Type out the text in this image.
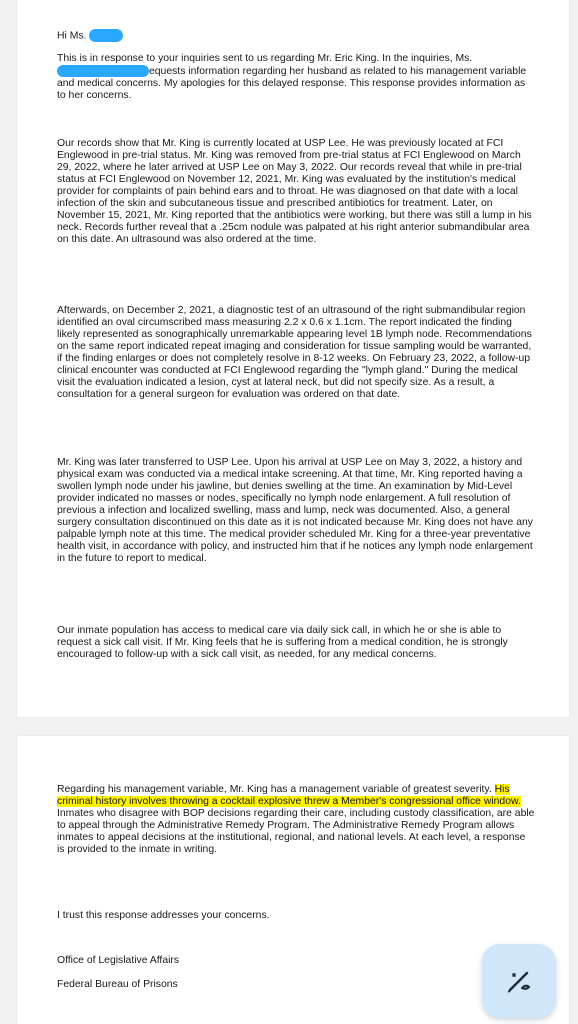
Hi Ms.

This is in response to your inquiries sent to us regarding Mr. Eric King. In the inquiries, Ms.
equests information regarding her husband as related to his management variable and medical concerns. My apologies for this delayed response. This response provides information as to her concerns.

Our records show that Mr. King is currently located at USP Lee. He was previously located at FCI Englewood in pre-trial status. Mr. King was removed from pre-trial status at FCI Englewood on March 29, 2022, where he later arrived at USP Lee on May 3, 2022. Our records reveal that while in pre-trial status at FCI Englewood on November 12, 2021, Mr. King was evaluated by the institution's medical provider for complaints of pain behind ears and to throat. He was diagnosed on that date with a local infection of the skin and subcutaneous tissue and prescribed antibiotics for treatment. Later, on November 15, 2021, Mr. King reported that the antibiotics were working, but there was still a lump in his neck. Records further reveal that a .25cm nodule was palpated at his right anterior submandibular area on this date. An ultrasound was also ordered at the time.

Afterwards, on December 2, 2021, a diagnostic test of an ultrasound of the right submandibular region identified an oval circumscribed mass measuring 2.2 x 0.6 x 1.1cm. The report indicated the finding likely represented as sonographically unremarkable appearing level 1B lymph node. Recommendations on the same report indicated repeat imaging and consideration for tissue sampling would be warranted, if the finding enlarges or does not completely resolve in 8-12 weeks. On February 23, 2022, a follow-up clinical encounter was conducted at FCI Englewood regarding the "lymph gland." During the medical visit the evaluation indicated a lesion, cyst at lateral neck, but did not specify size. As a result, a consultation for a general surgeon for evaluation was ordered on that date.

Mr. King was later transferred to USP Lee. Upon his arrival at USP Lee on May 3, 2022, a history and physical exam was conducted via a medical intake screening. At that time, Mr. King reported having a swollen lymph node under his jawline, but denies swelling at the time. An examination by Mid-Level provider indicated no masses or nodes, specifically no lymph node enlargement. A full resolution of previous a infection and localized swelling, mass and lump, neck was documented. Also, a general surgery consultation discontinued on this date as it is not indicated because Mr. King does not have any palpable lymph note at this time. The medical provider scheduled Mr. King for a three-year preventative health visit, in accordance with policy, and instructed him that if he notices any lymph node enlargement in the future to report to medical.

Our inmate population has access to medical care via daily sick call, in which he or she is able to request a sick call visit. If Mr. King feels that he is suffering from a medical condition, he is strongly encouraged to follow-up with a sick call visit, as needed, for any medical concerns.

Regarding his management variable, Mr. King has a management variable of greatest severity. His criminal history involves throwing a cocktail explosive threw a Member's congressional office window. Inmates who disagree with BOP decisions regarding their care, including custody classification, are able to appeal through the Administrative Remedy Program. The Administrative Remedy Program allows inmates to appeal decisions at the institutional, regional, and national levels. At each level, a response is provided to the inmate in writing.

I trust this response addresses your concerns.

Office of Legislative Affairs

Federal Bureau of Prisons
